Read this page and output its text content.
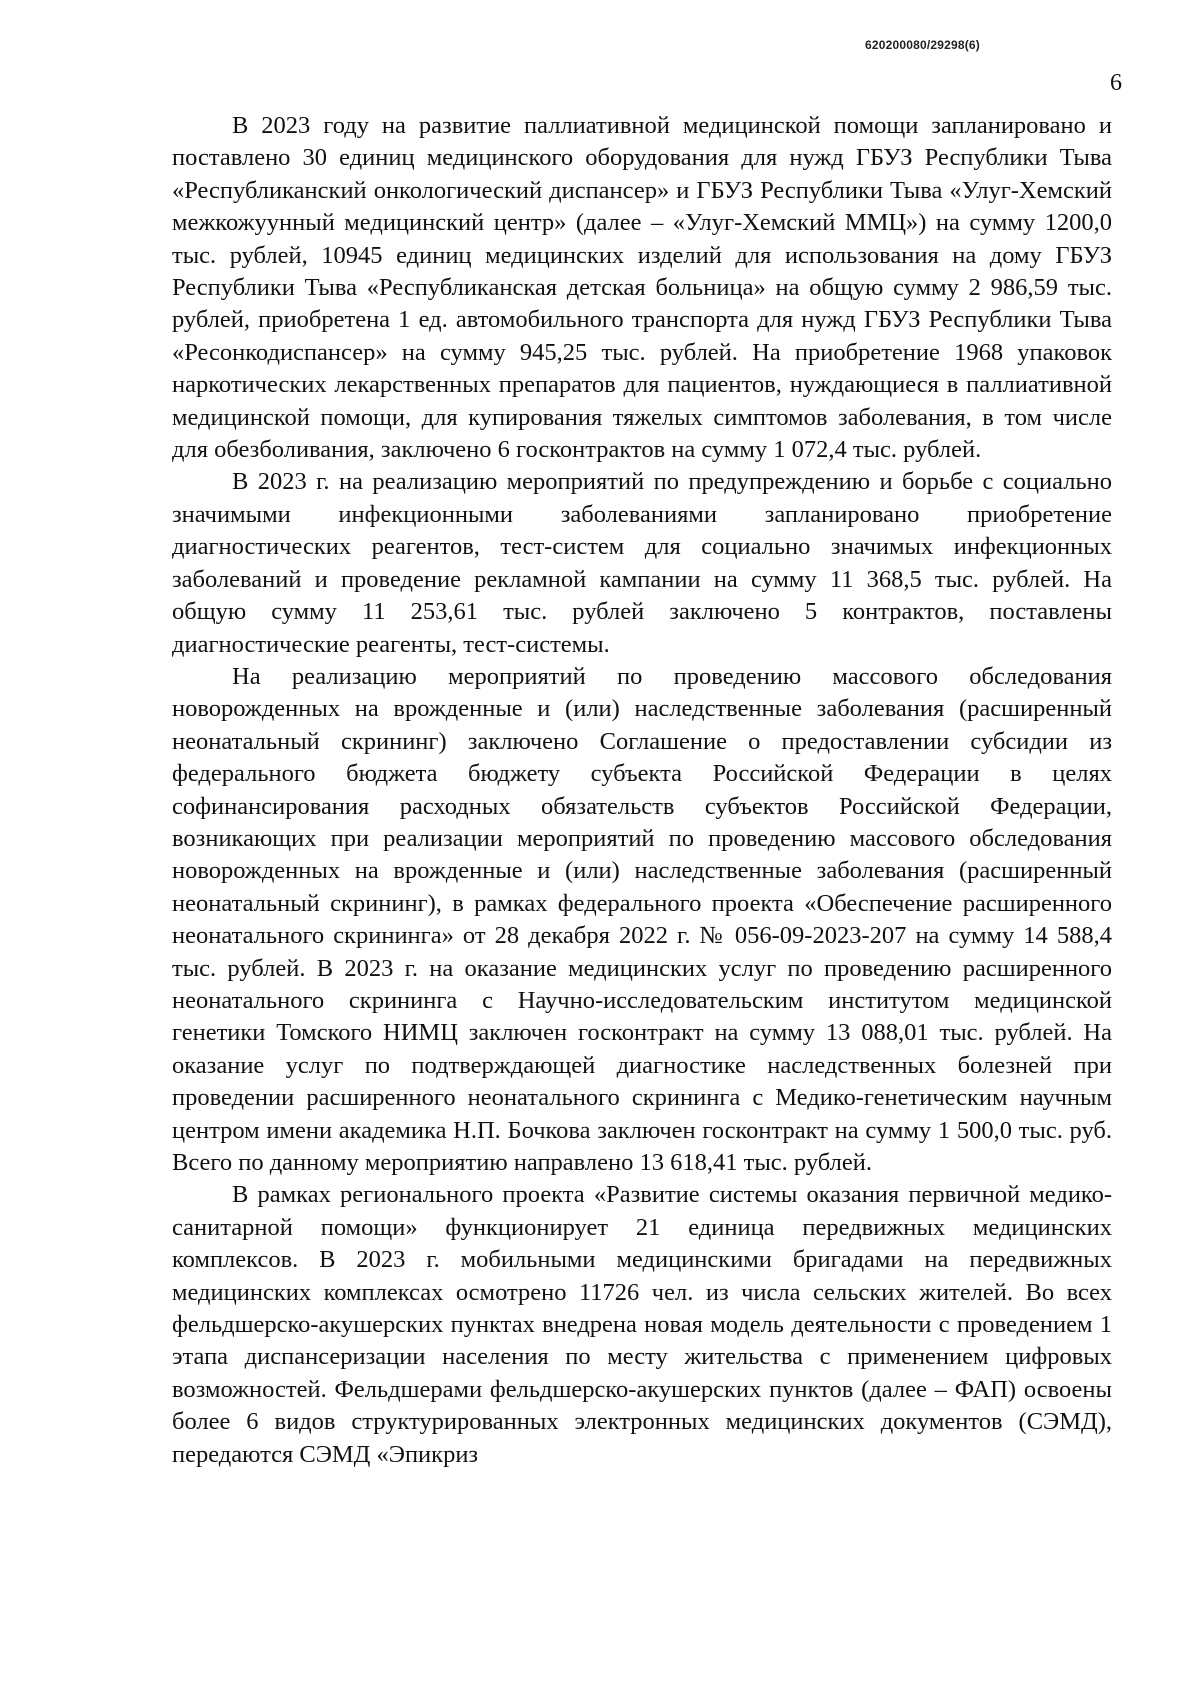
620200080/29298(6)
6

В 2023 году на развитие паллиативной медицинской помощи запланировано и поставлено 30 единиц медицинского оборудования для нужд ГБУЗ Республики Тыва «Республиканский онкологический диспансер» и ГБУЗ Республики Тыва «Улуг-Хемский межкожуунный медицинский центр» (далее – «Улуг-Хемский ММЦ») на сумму 1200,0 тыс. рублей, 10945 единиц медицинских изделий для использования на дому ГБУЗ Республики Тыва «Республиканская детская больница» на общую сумму 2 986,59 тыс. рублей, приобретена 1 ед. автомобильного транспорта для нужд ГБУЗ Республики Тыва «Ресонкодиспансер» на сумму 945,25 тыс. рублей. На приобретение 1968 упаковок наркотических лекарственных препаратов для пациентов, нуждающиеся в паллиативной медицинской помощи, для купирования тяжелых симптомов заболевания, в том числе для обезболивания, заключено 6 госконтрактов на сумму 1 072,4 тыс. рублей.

В 2023 г. на реализацию мероприятий по предупреждению и борьбе с социально значимыми инфекционными заболеваниями запланировано приобретение диагностических реагентов, тест-систем для социально значимых инфекционных заболеваний и проведение рекламной кампании на сумму 11 368,5 тыс. рублей. На общую сумму 11 253,61 тыс. рублей заключено 5 контрактов, поставлены диагностические реагенты, тест-системы.

На реализацию мероприятий по проведению массового обследования новорожденных на врожденные и (или) наследственные заболевания (расширенный неонатальный скрининг) заключено Соглашение о предоставлении субсидии из федерального бюджета бюджету субъекта Российской Федерации в целях софинансирования расходных обязательств субъектов Российской Федерации, возникающих при реализации мероприятий по проведению массового обследования новорожденных на врожденные и (или) наследственные заболевания (расширенный неонатальный скрининг), в рамках федерального проекта «Обеспечение расширенного неонатального скрининга» от 28 декабря 2022 г. № 056-09-2023-207 на сумму 14 588,4 тыс. рублей. В 2023 г. на оказание медицинских услуг по проведению расширенного неонатального скрининга с Научно-исследовательским институтом медицинской генетики Томского НИМЦ заключен госконтракт на сумму 13 088,01 тыс. рублей. На оказание услуг по подтверждающей диагностике наследственных болезней при проведении расширенного неонатального скрининга с Медико-генетическим научным центром имени академика Н.П. Бочкова заключен госконтракт на сумму 1 500,0 тыс. руб. Всего по данному мероприятию направлено 13 618,41 тыс. рублей.

В рамках регионального проекта «Развитие системы оказания первичной медико-санитарной помощи» функционирует 21 единица передвижных медицинских комплексов. В 2023 г. мобильными медицинскими бригадами на передвижных медицинских комплексах осмотрено 11726 чел. из числа сельских жителей. Во всех фельдшерско-акушерских пунктах внедрена новая модель деятельности с проведением 1 этапа диспансеризации населения по месту жительства с применением цифровых возможностей. Фельдшерами фельдшерско-акушерских пунктов (далее – ФАП) освоены более 6 видов структурированных электронных медицинских документов (СЭМД), передаются СЭМД «Эпикриз
